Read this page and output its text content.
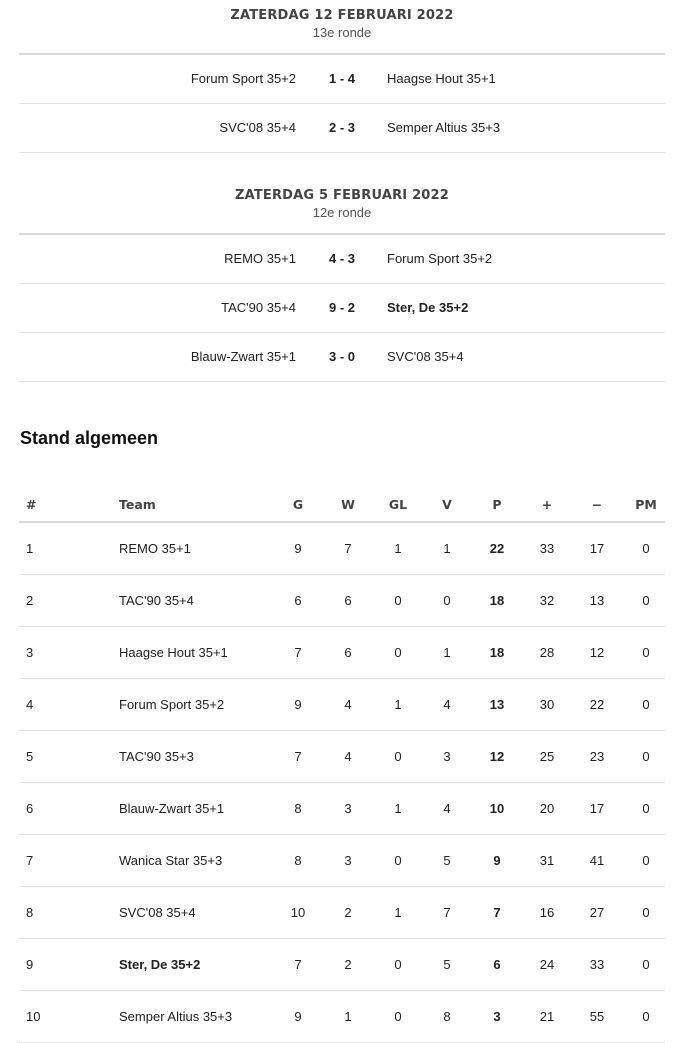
ZATERDAG 12 FEBRUARI 2022
13e ronde
Forum Sport 35+2	1 - 4	Haagse Hout 35+1
SVC'08 35+4	2 - 3	Semper Altius 35+3
ZATERDAG 5 FEBRUARI 2022
12e ronde
REMO 35+1	4 - 3	Forum Sport 35+2
TAC'90 35+4	9 - 2	Ster, De 35+2
Blauw-Zwart 35+1	3 - 0	SVC'08 35+4
Stand algemeen
#	Team	G	W	GL	V	P	+	−	PM
1	REMO 35+1	9	7	1	1	22	33	17	0
2	TAC'90 35+4	6	6	0	0	18	32	13	0
3	Haagse Hout 35+1	7	6	0	1	18	28	12	0
4	Forum Sport 35+2	9	4	1	4	13	30	22	0
5	TAC'90 35+3	7	4	0	3	12	25	23	0
6	Blauw-Zwart 35+1	8	3	1	4	10	20	17	0
7	Wanica Star 35+3	8	3	0	5	9	31	41	0
8	SVC'08 35+4	10	2	1	7	7	16	27	0
9	Ster, De 35+2	7	2	0	5	6	24	33	0
10	Semper Altius 35+3	9	1	0	8	3	21	55	0
